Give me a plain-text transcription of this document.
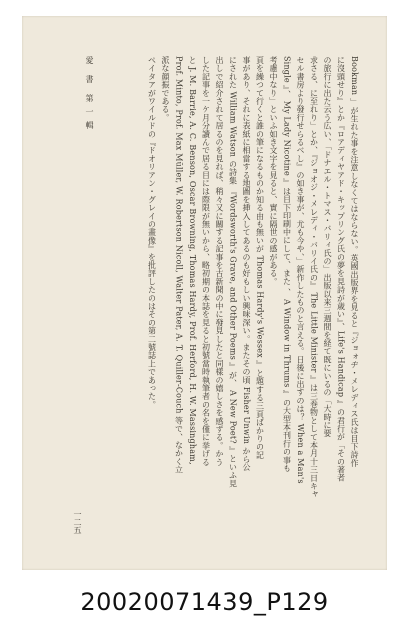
Bookman 」が生れた事を注意しなくてはならない。英國出版界を見ると『ジョォヂ・メレディス氏は目下詩作

に沒頭せり』とか『ロアディヤアド・キップリング氏の夢を見詩が歳い』、Life's Handicap 』の君行が「その著者

の旅行に出た云う広い、「ドナエル・トマス・バリィ氏の」出版以来三週間を経て既にいるの「大時に要

求さる、に至れり」とか、『ジョオジ・メレディ・バリイ氏の』 The Little Minister 』は三巻物として本月十三日キャ

セル書房より發行せらるべし』の如き事が、尤も今や、」新作したものと言える。日後に出すのは？ When a Man's

Single 』、 My Lady Nicotine 』は目下印刷中にして、また 、 A Window in Thrums 』の大型本刊行の事も

考慮中なり」といふ如き文字を見ると、實に隔世の感がある。

頁を繰つて行くと誰の筆になるものか知る由も無いが Thomas Hardy's Wessex 』と題する三頁ばかりの記

事があり、それに表紙に相當する地圖を挿入してあるのも好もしい興味深い。またその頃 Fisher Unwin から公

にされた William Watson の詩集 『Wordsworth's Grave, and Other Poems 』が、 A New Poet? 』といふ見

出しで紹介されて居るのを見れば、稍々又に關する記事を古新聞の中に發見したと同樣の嬉しさを感ずる。かう

した記事を一ケ月分讀んで居る目には際限が無いから、略初期の本誌を見ると初號當時執筆者の名を僅に挙げる

と J. M. Barrie, A. C. Benson, Oscar Browning, Thomas Hardy, Prof. Herford, H. W. Massingham,

Prof. Minto, Prof. Max Müller, W. Robertson Nicoll, Walter Pater, A. T. Quiller-Couch 等で、なかく立

派な顔振である。

ペイタアがワイルドの『ドオリアン・グレイの畫像』を批評したのはその第二號誌上であった。

愛　書　第 一 輯
一二五
20020071439_P129
